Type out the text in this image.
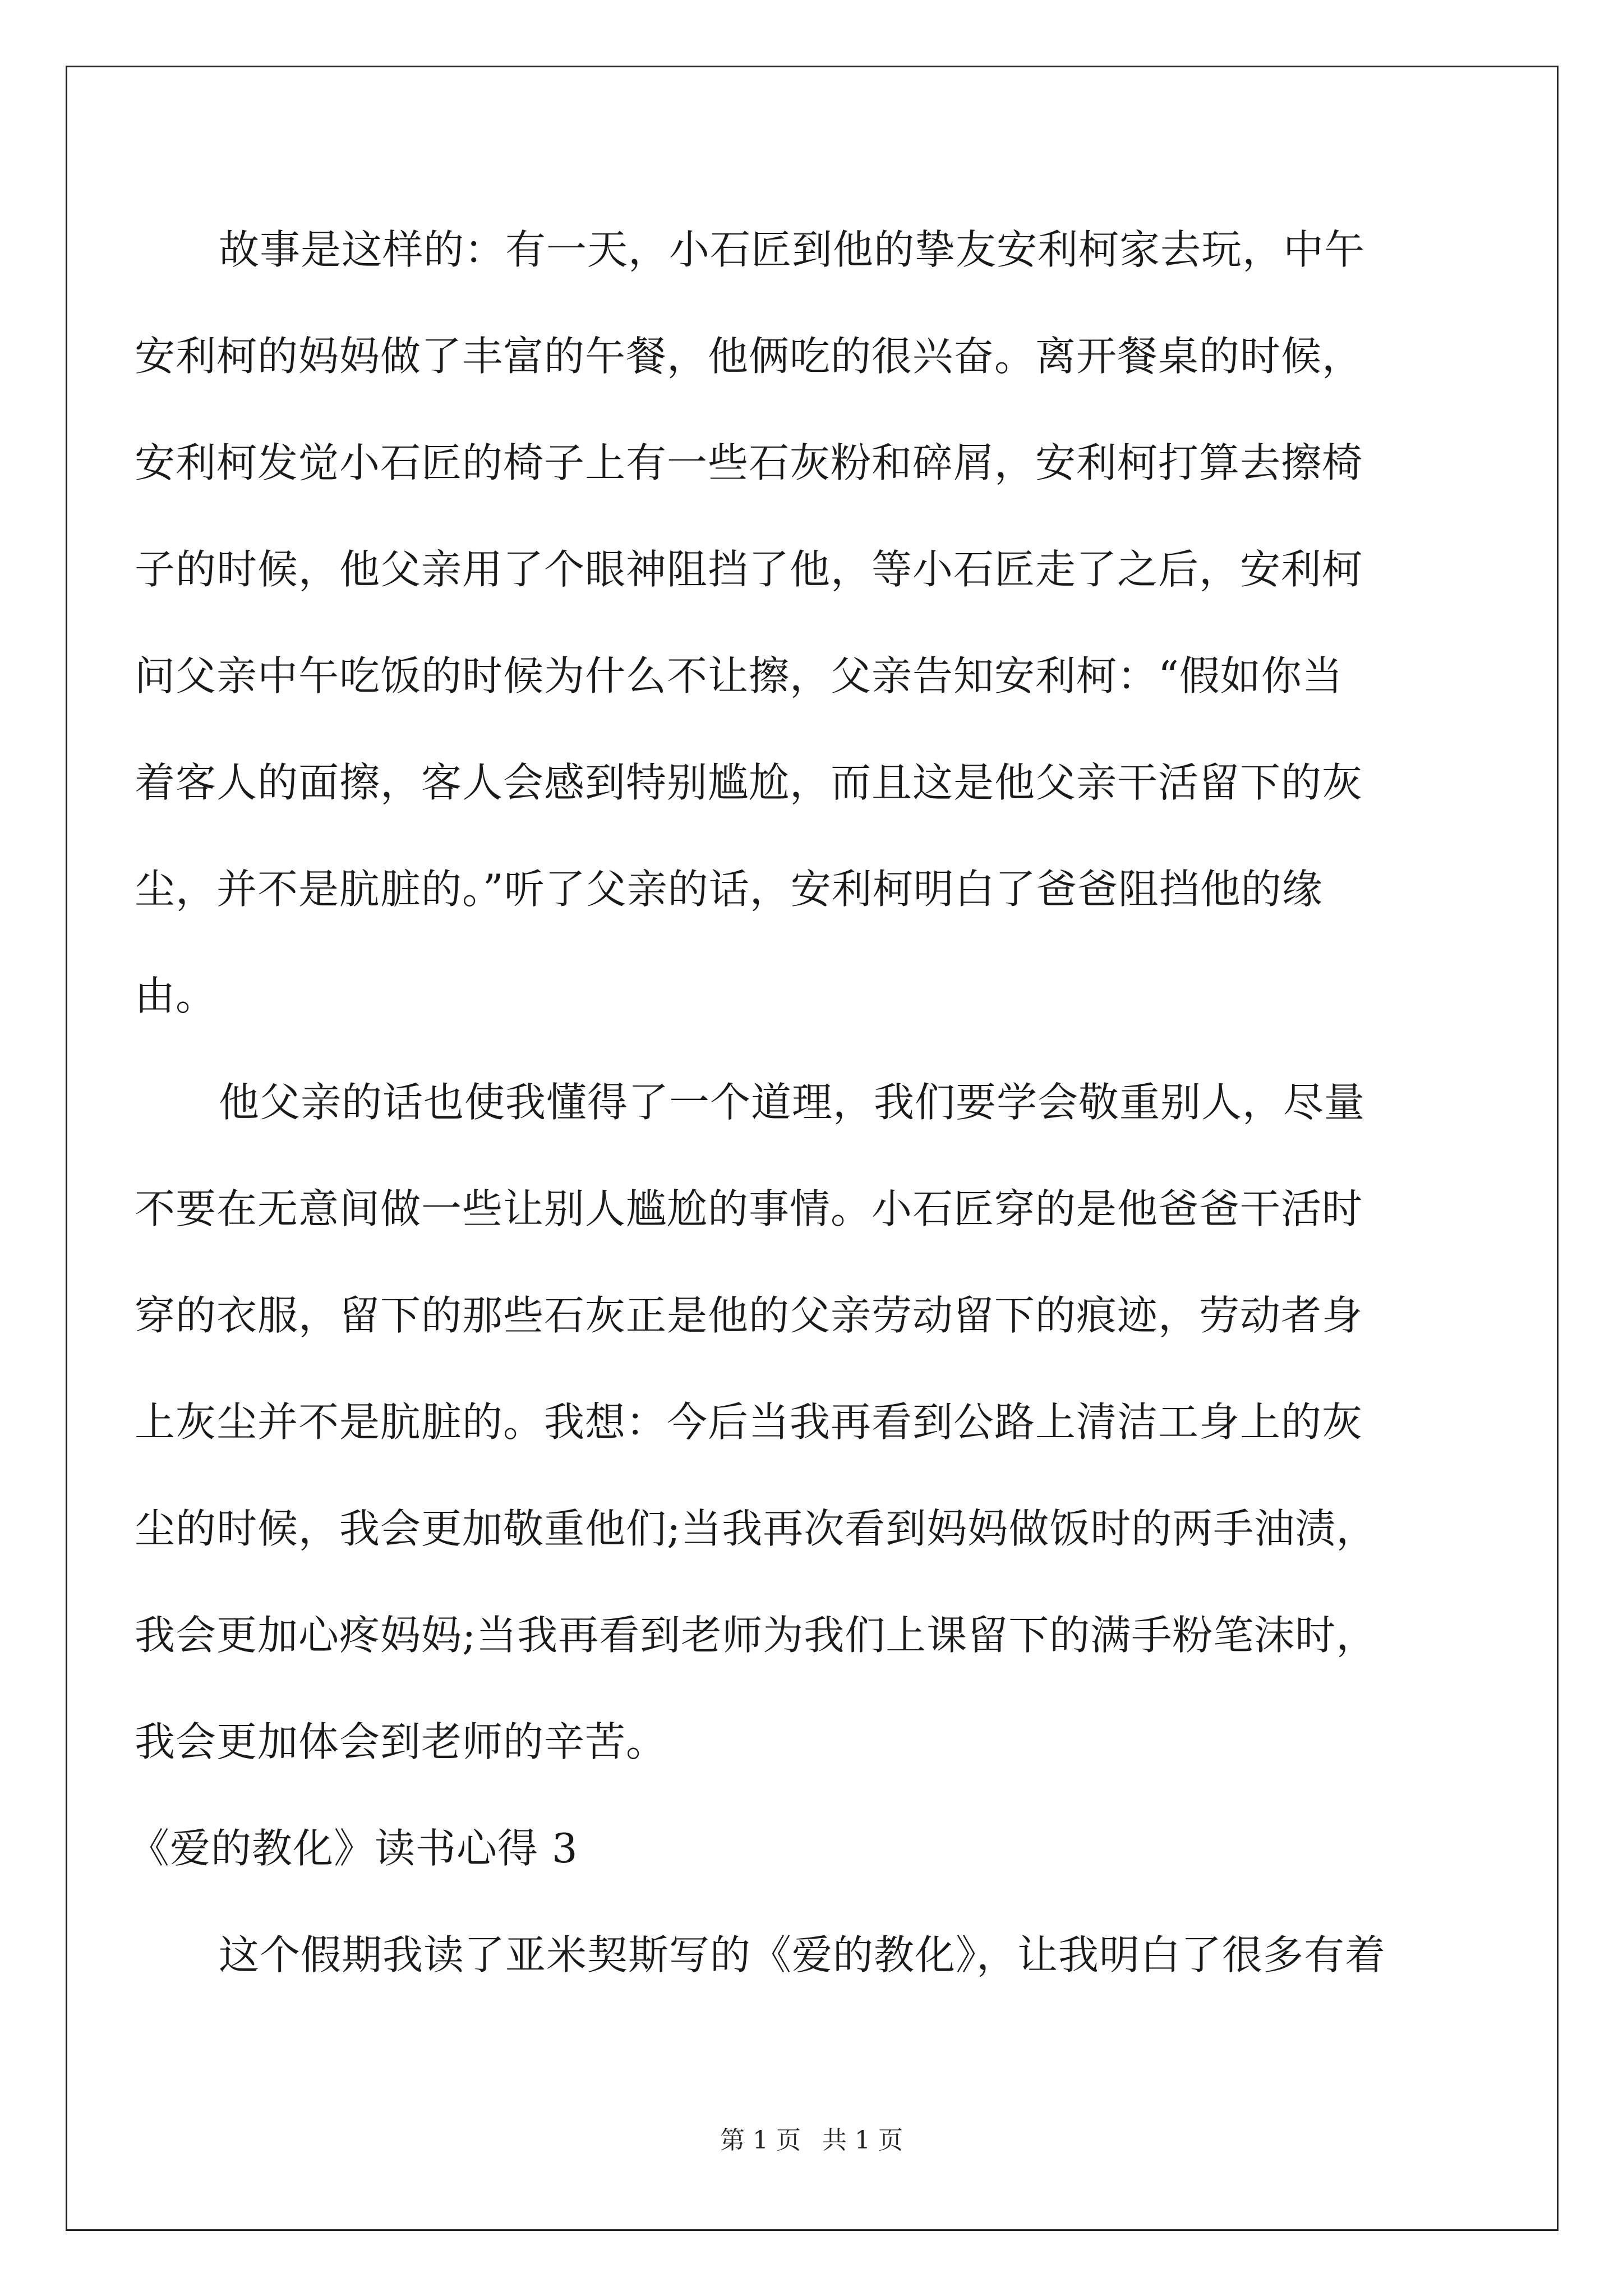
故事是这样的：有一天，小石匠到他的挚友安利柯家去玩，中午
安利柯的妈妈做了丰富的午餐，他俩吃的很兴奋。离开餐桌的时候，
安利柯发觉小石匠的椅子上有一些石灰粉和碎屑，安利柯打算去擦椅
子的时候，他父亲用了个眼神阻挡了他，等小石匠走了之后，安利柯
问父亲中午吃饭的时候为什么不让擦，父亲告知安利柯：“假如你当
着客人的面擦，客人会感到特别尴尬，而且这是他父亲干活留下的灰
尘，并不是肮脏的。”听了父亲的话，安利柯明白了爸爸阻挡他的缘
由。
他父亲的话也使我懂得了一个道理，我们要学会敬重别人，尽量
不要在无意间做一些让别人尴尬的事情。小石匠穿的是他爸爸干活时
穿的衣服，留下的那些石灰正是他的父亲劳动留下的痕迹，劳动者身
上灰尘并不是肮脏的。我想：今后当我再看到公路上清洁工身上的灰
尘的时候，我会更加敬重他们;当我再次看到妈妈做饭时的两手油渍，
我会更加心疼妈妈;当我再看到老师为我们上课留下的满手粉笔沫时，
我会更加体会到老师的辛苦。
《爱的教化》读书心得 3
这个假期我读了亚米契斯写的《爱的教化》，让我明白了很多有着
第 1 页 共 1 页
